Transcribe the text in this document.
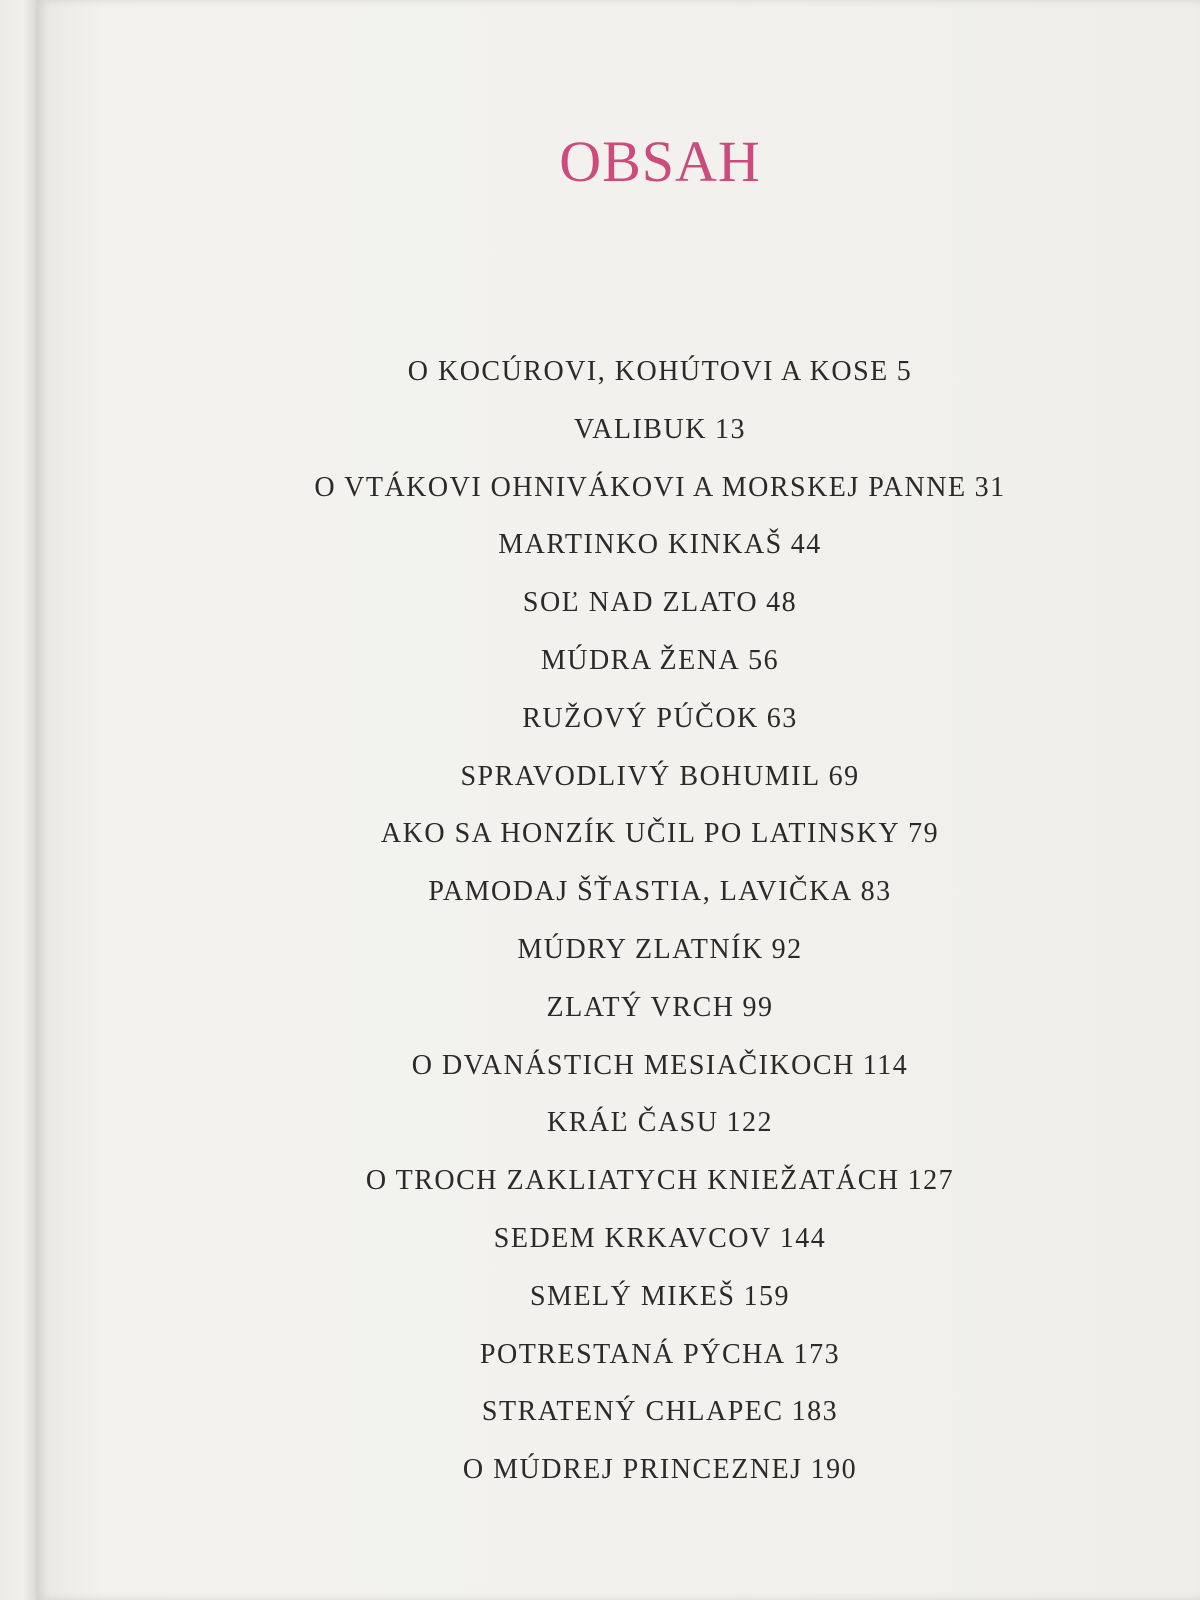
OBSAH
O KOCÚROVI, KOHÚTOVI A KOSE 5
VALIBUK 13
O VTÁKOVI OHNIVÁKOVI A MORSKEJ PANNE 31
MARTINKO KINKAŠ 44
SOĽ NAD ZLATO 48
MÚDRA ŽENA 56
RUŽOVÝ PÚČOK 63
SPRAVODLIVÝ BOHUMIL 69
AKO SA HONZÍK UČIL PO LATINSKY 79
PAMODAJ ŠŤASTIA, LAVIČKA 83
MÚDRY ZLATNÍK 92
ZLATÝ VRCH 99
O DVANÁSTICH MESIAČIKOCH 114
KRÁĽ ČASU 122
O TROCH ZAKLIATYCH KNIEŽATÁCH 127
SEDEM KRKAVCOV 144
SMELÝ MIKEŠ 159
POTRESTANÁ PÝCHA 173
STRATENÝ CHLAPEC 183
O MÚDREJ PRINCEZNEJ 190
